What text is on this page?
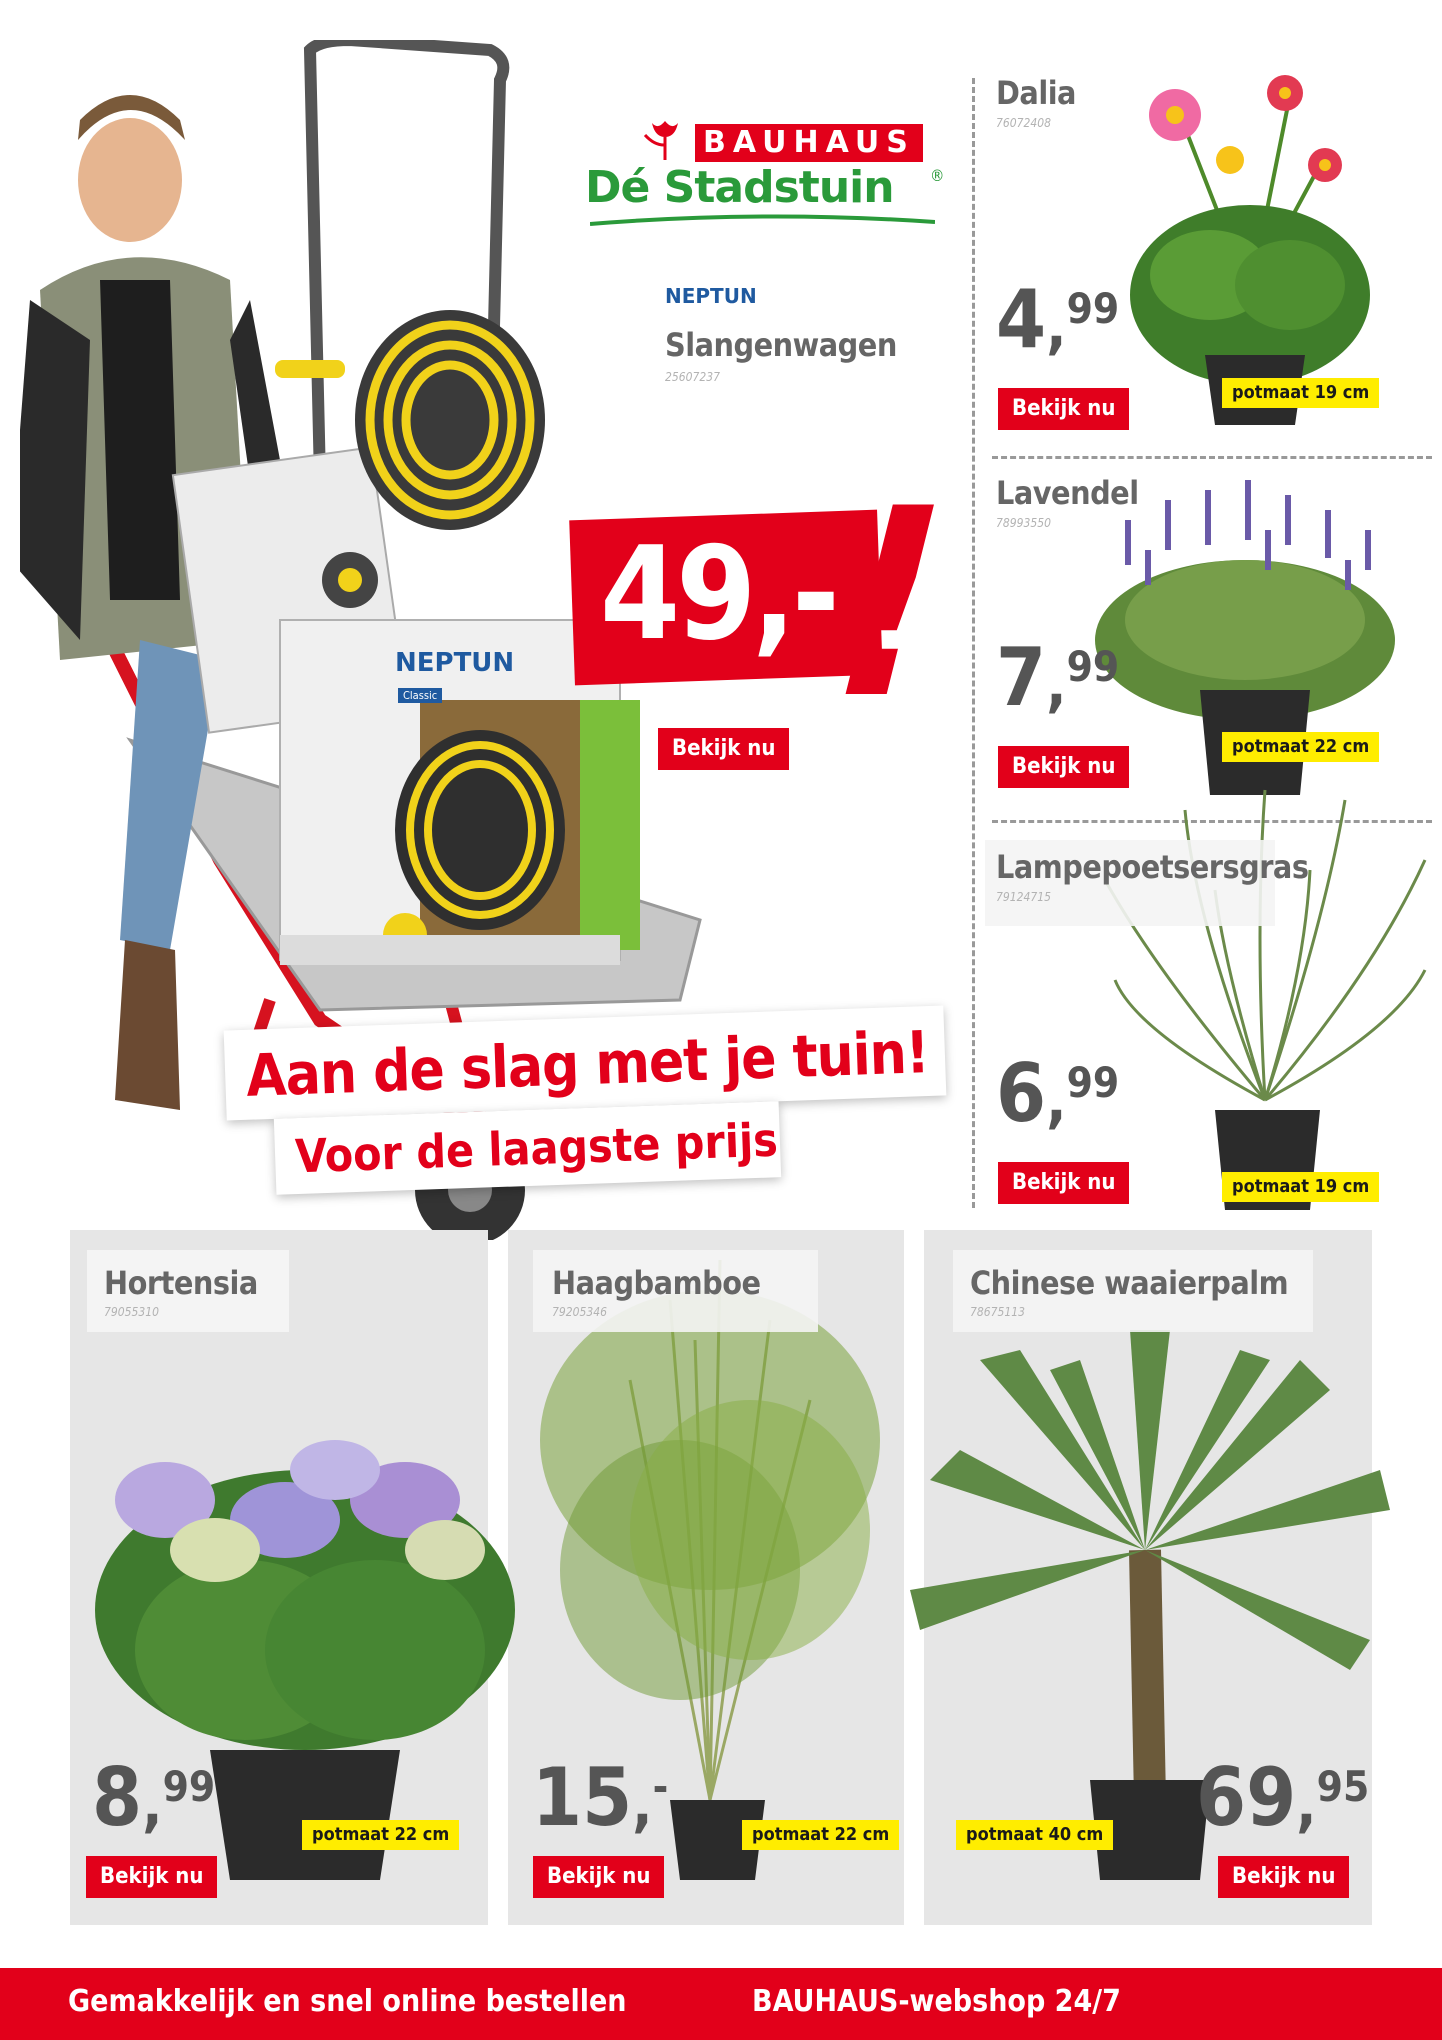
NEPTUN
Classic
BAUHAUS
Dé Stadstuin ®
NEPTUN
Slangenwagen
25607237
49,-
!
Bekijk nu
Aan de slag met je tuin!
Voor de laagste prijs
Dalia
76072408
4,99
Bekijk nu
potmaat 19 cm
Lavendel
78993550
7,99
Bekijk nu
potmaat 22 cm
Lampepoetsersgras
79124715
6,99
Bekijk nu	potmaat 19 cm
Hortensia
79055310
8,99
Bekijk nu
potmaat 22 cm
Haagbamboe
79205346
15,-
Bekijk nu
potmaat 22 cm
Chinese waaierpalm
78675113
69,95
Bekijk nu
potmaat 40 cm
Gemakkelijk en snel online bestellen	BAUHAUS-webshop 24/7
